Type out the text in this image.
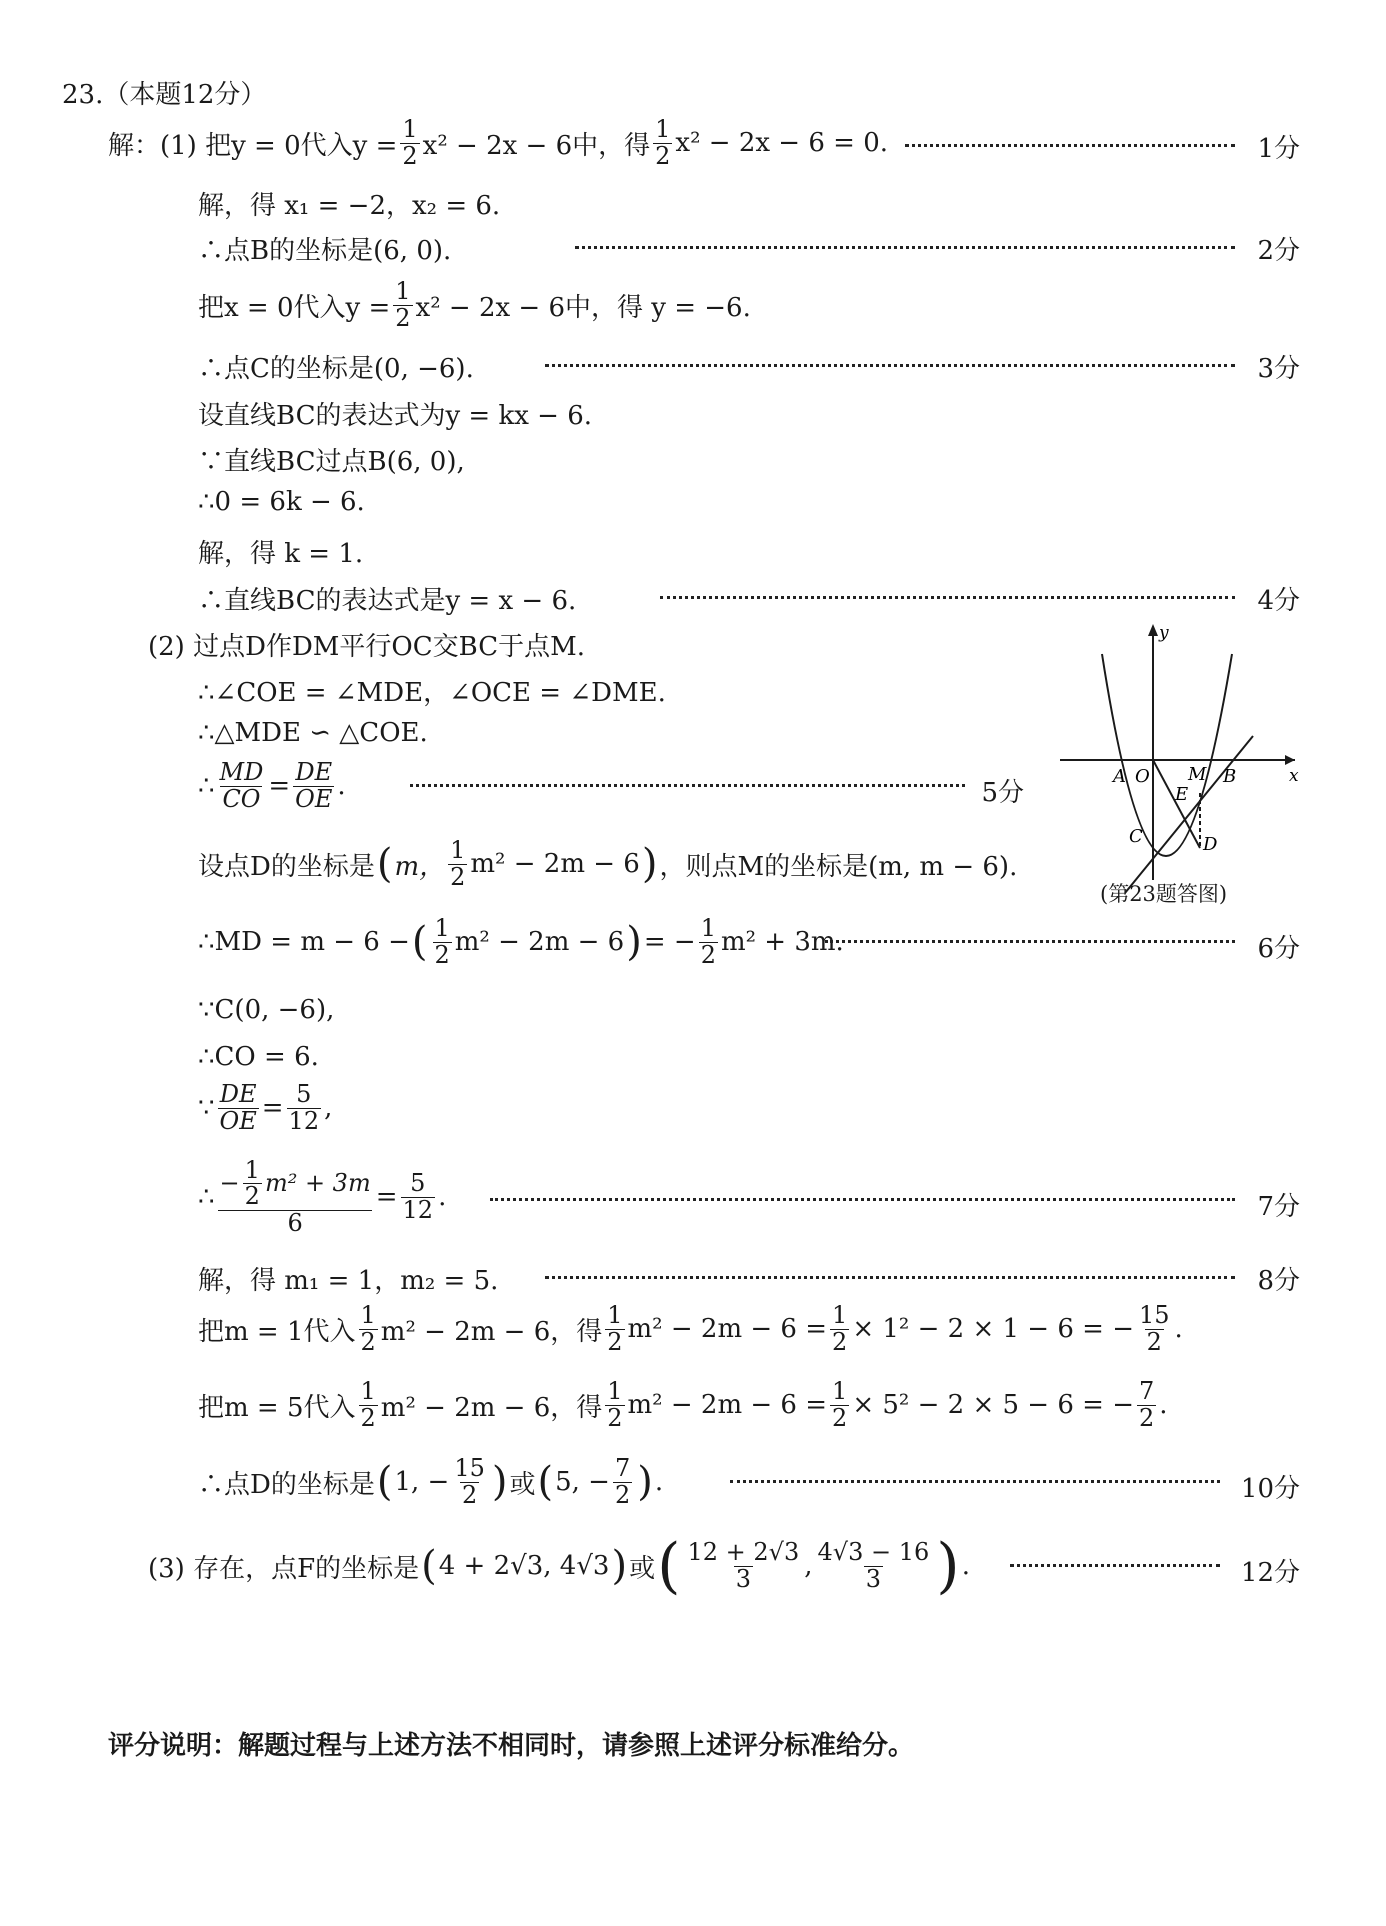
23.（本题12分）
解：(1) 把y = 0代入$y = \frac{1}{2} x^2 - 2x - 6$中，得 $\frac{1}{2} x^2 - 2x - 6 = 0$.	1分
解，得 x₁ = −2，x₂ = 6.
∴点B的坐标是(6, 0).	2分
把x = 0代入$y = \frac{1}{2} x^2 - 2x - 6$中，得 y = −6.
∴点C的坐标是(0, −6).	3分
设直线BC的表达式为y = kx − 6.
∵直线BC过点B(6, 0),
∴0 = 6k − 6.
解，得 k = 1.
∴直线BC的表达式是y = x − 6.	4分
(2) 过点D作DM平行OC交BC于点M.
∴∠COE = ∠MDE，∠OCE = ∠DME.
∴△MDE ∽ △COE.
∴ $\frac{MD}{CO} = \frac{DE}{OE}$ .	5分
设点D的坐标是 ( m， $\frac{1}{2} m^2 - 2m - 6$ ) ，则点M的坐标是(m, m − 6).
∴MD = m − 6 − ( $\frac{1}{2} m^2 - 2m - 6$ ) = − $\frac{1}{2} m^2 + 3m$.	6分
∵C(0, −6),
∴CO = 6.
∵ $\frac{DE}{OE} = \frac{5}{12}$ ,
∴ $\frac{- \frac{1}{2} m^2 + 3m}{6} = \frac{5}{12}$ .	7分
解，得 m₁ = 1，m₂ = 5.	8分
把m = 1代入 $\frac{1}{2} m^2 - 2m - 6$，得 $\frac{1}{2} m^2 - 2m - 6 = \frac{1}{2} \times 1^2 - 2 \times 1 - 6$ = − $\frac{15}{2}$ .
把m = 5代入 $\frac{1}{2} m^2 - 2m - 6$，得 $\frac{1}{2} m^2 - 2m - 6 = \frac{1}{2} \times 5^2 - 2 \times 5 - 6$ = − $\frac{7}{2}$ .
∴点D的坐标是 ( 1, − $\frac{15}{2}$ ) 或 ( 5, − $\frac{7}{2}$ ) .	10分
(3) 存在，点F的坐标是 ( 4 + 2√3, 4√3 ) 或 ( $\frac{12 + 2√3}{3}$ , $\frac{4√3 - 16}{3}$ ) .	12分
y
x
A O M B
E
C	D
(第23题答图)
评分说明：解题过程与上述方法不相同时，请参照上述评分标准给分。
